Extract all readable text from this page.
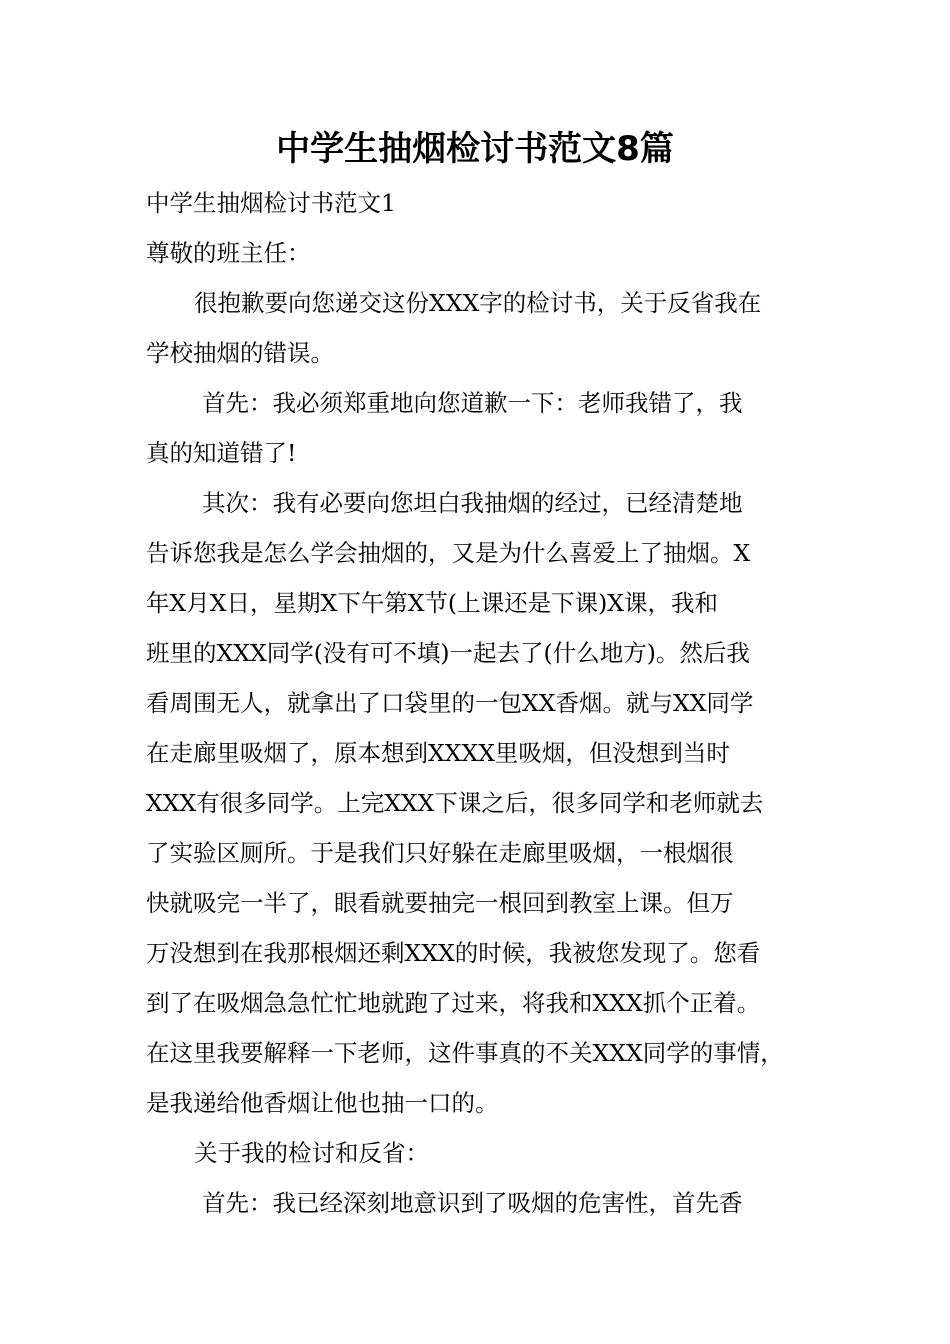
中学生抽烟检讨书范文8篇
中学生抽烟检讨书范文1
尊敬的班主任：
很抱歉要向您递交这份XXX字的检讨书，关于反省我在
学校抽烟的错误。
首先：我必须郑重地向您道歉一下：老师我错了，我
真的知道错了!
其次：我有必要向您坦白我抽烟的经过，已经清楚地
告诉您我是怎么学会抽烟的，又是为什么喜爱上了抽烟。X
年X月X日，星期X下午第X节(上课还是下课)X课，我和
班里的XXX同学(没有可不填)一起去了(什么地方)。然后我
看周围无人，就拿出了口袋里的一包XX香烟。就与XX同学
在走廊里吸烟了，原本想到XXXX里吸烟，但没想到当时
XXX有很多同学。上完XXX下课之后，很多同学和老师就去
了实验区厕所。于是我们只好躲在走廊里吸烟，一根烟很
快就吸完一半了，眼看就要抽完一根回到教室上课。但万
万没想到在我那根烟还剩XXX的时候，我被您发现了。您看
到了在吸烟急急忙忙地就跑了过来，将我和XXX抓个正着。
在这里我要解释一下老师，这件事真的不关XXX同学的事情，
是我递给他香烟让他也抽一口的。
关于我的检讨和反省：
首先：我已经深刻地意识到了吸烟的危害性，首先香
